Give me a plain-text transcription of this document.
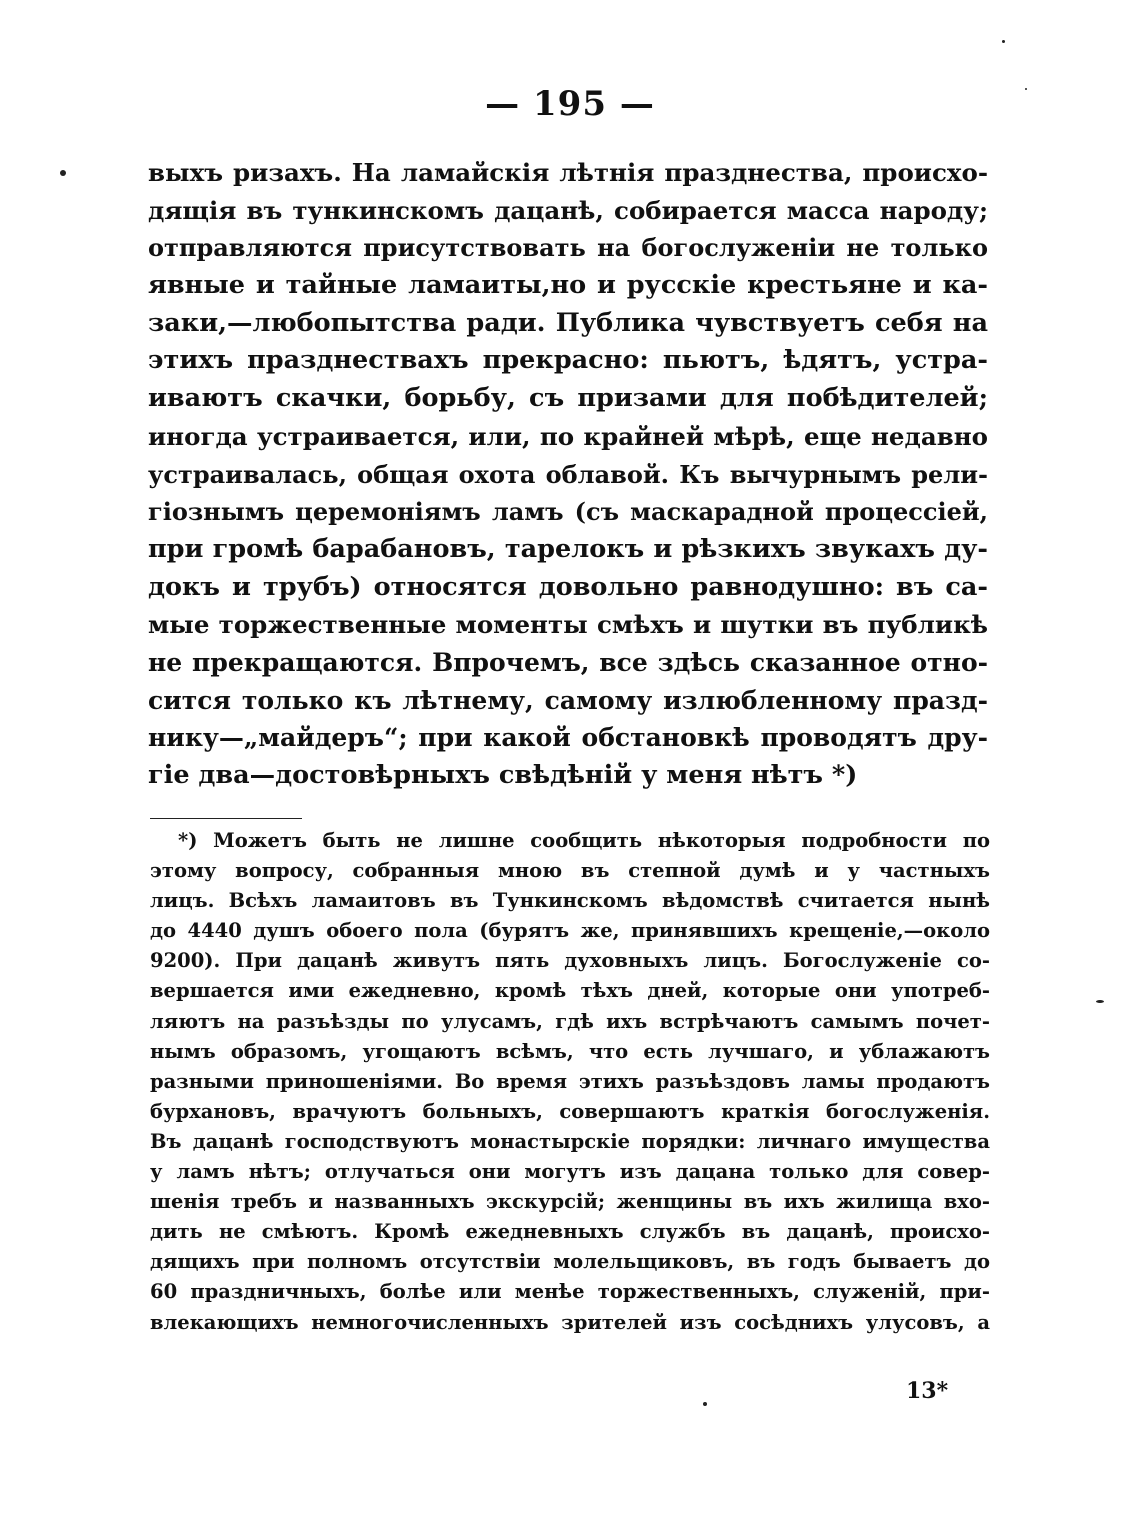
— 195 —
выхъ ризахъ. На ламайскія лѣтнія празднества, происхо-
дящія въ тункинскомъ дацанѣ, собирается масса народу;
отправляются присутствовать на богослуженіи не только
явные и тайные ламаиты,но и русскіе крестьяне и ка-
заки,—любопытства ради. Публика чувствуетъ себя на
этихъ празднествахъ прекрасно: пьютъ, ѣдятъ, устра-
иваютъ скачки, борьбу, съ призами для побѣдителей;
иногда устраивается, или, по крайней мѣрѣ, еще недавно
устраивалась, общая охота облавой. Къ вычурнымъ рели-
гіознымъ церемоніямъ ламъ (съ маскарадной процессіей,
при громѣ барабановъ, тарелокъ и рѣзкихъ звукахъ ду-
докъ и трубъ) относятся довольно равнодушно: въ са-
мые торжественные моменты смѣхъ и шутки въ публикѣ
не прекращаются. Впрочемъ, все здѣсь сказанное отно-
сится только къ лѣтнему, самому излюбленному празд-
нику—„майдеръ“; при какой обстановкѣ проводятъ дру-
гіе два—достовѣрныхъ свѣдѣній у меня нѣтъ *)
*) Можетъ быть не лишне сообщить нѣкоторыя подробности по
этому вопросу, собранныя мною въ степной думѣ и у частныхъ
лицъ. Всѣхъ ламаитовъ въ Тункинскомъ вѣдомствѣ считается нынѣ
до 4440 душъ обоего пола (бурятъ же, принявшихъ крещеніе,—около
9200). При дацанѣ живутъ пять духовныхъ лицъ. Богослуженіе со-
вершается ими ежедневно, кромѣ тѣхъ дней, которые они употреб-
ляютъ на разъѣзды по улусамъ, гдѣ ихъ встрѣчаютъ самымъ почет-
нымъ образомъ, угощаютъ всѣмъ, что есть лучшаго, и ублажаютъ
разными приношеніями. Во время этихъ разъѣздовъ ламы продаютъ
бурхановъ, врачуютъ больныхъ, совершаютъ краткія богослуженія.
Въ дацанѣ господствуютъ монастырскіе порядки: личнаго имущества
у ламъ нѣтъ; отлучаться они могутъ изъ дацана только для совер-
шенія требъ и названныхъ экскурсій; женщины въ ихъ жилища вхо-
дить не смѣютъ. Кромѣ ежедневныхъ службъ въ дацанѣ, происхо-
дящихъ при полномъ отсутствіи молельщиковъ, въ годъ бываетъ до
60 праздничныхъ, болѣе или менѣе торжественныхъ, служеній, при-
влекающихъ немногочисленныхъ зрителей изъ сосѣднихъ улусовъ, а
13*
